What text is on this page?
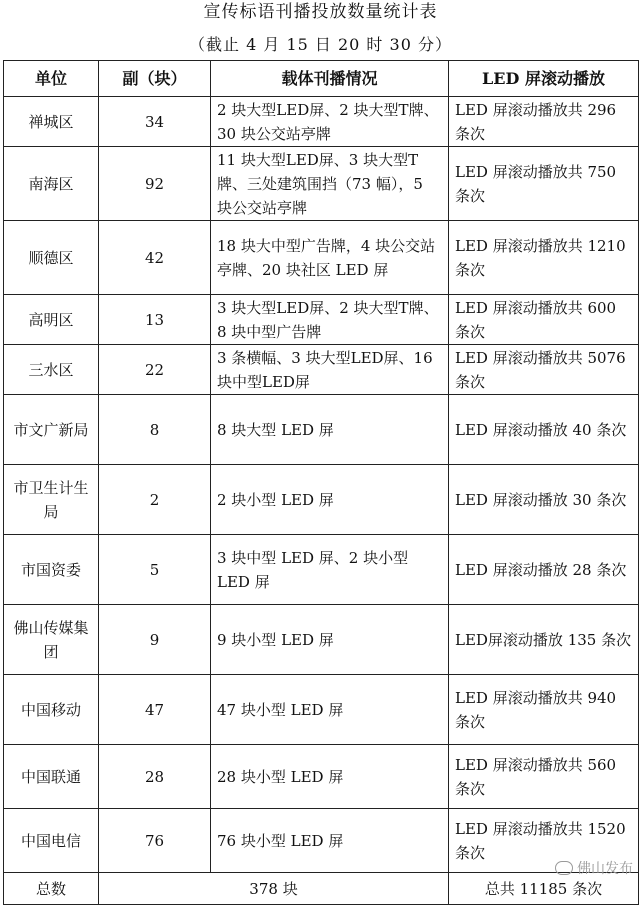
宣传标语刊播投放数量统计表
（截止 4 月 15 日 20 时 30 分）
单位	副（块）	载体刊播情况	LED 屏滚动播放
禅城区	34	2 块大型LED屏、2 块大型T牌、30 块公交站亭牌	LED 屏滚动播放共 296 条次
南海区	92	11 块大型LED屏、3 块大型T牌、三处建筑围挡（73 幅），5 块公交站亭牌	LED 屏滚动播放共 750 条次
顺德区	42	18 块大中型广告牌，4 块公交站亭牌、20 块社区 LED 屏	LED 屏滚动播放共 1210 条次
高明区	13	3 块大型LED屏、2 块大型T牌、8 块中型广告牌	LED 屏滚动播放共 600 条次
三水区	22	3 条横幅、3 块大型LED屏、16 块中型LED屏	LED 屏滚动播放共 5076 条次
市文广新局	8	8 块大型 LED 屏	LED 屏滚动播放 40 条次
市卫生计生局	2	2 块小型 LED 屏	LED 屏滚动播放 30 条次
市国资委	5	3 块中型 LED 屏、2 块小型 LED 屏	LED 屏滚动播放 28 条次
佛山传媒集团	9	9 块小型 LED 屏	LED屏滚动播放 135 条次
中国移动	47	47 块小型 LED 屏	LED 屏滚动播放共 940 条次
中国联通	28	28 块小型 LED 屏	LED 屏滚动播放共 560 条次
中国电信	76	76 块小型 LED 屏	LED 屏滚动播放共 1520 条次
总数	378 块		总共 11185 条次
佛山发布
